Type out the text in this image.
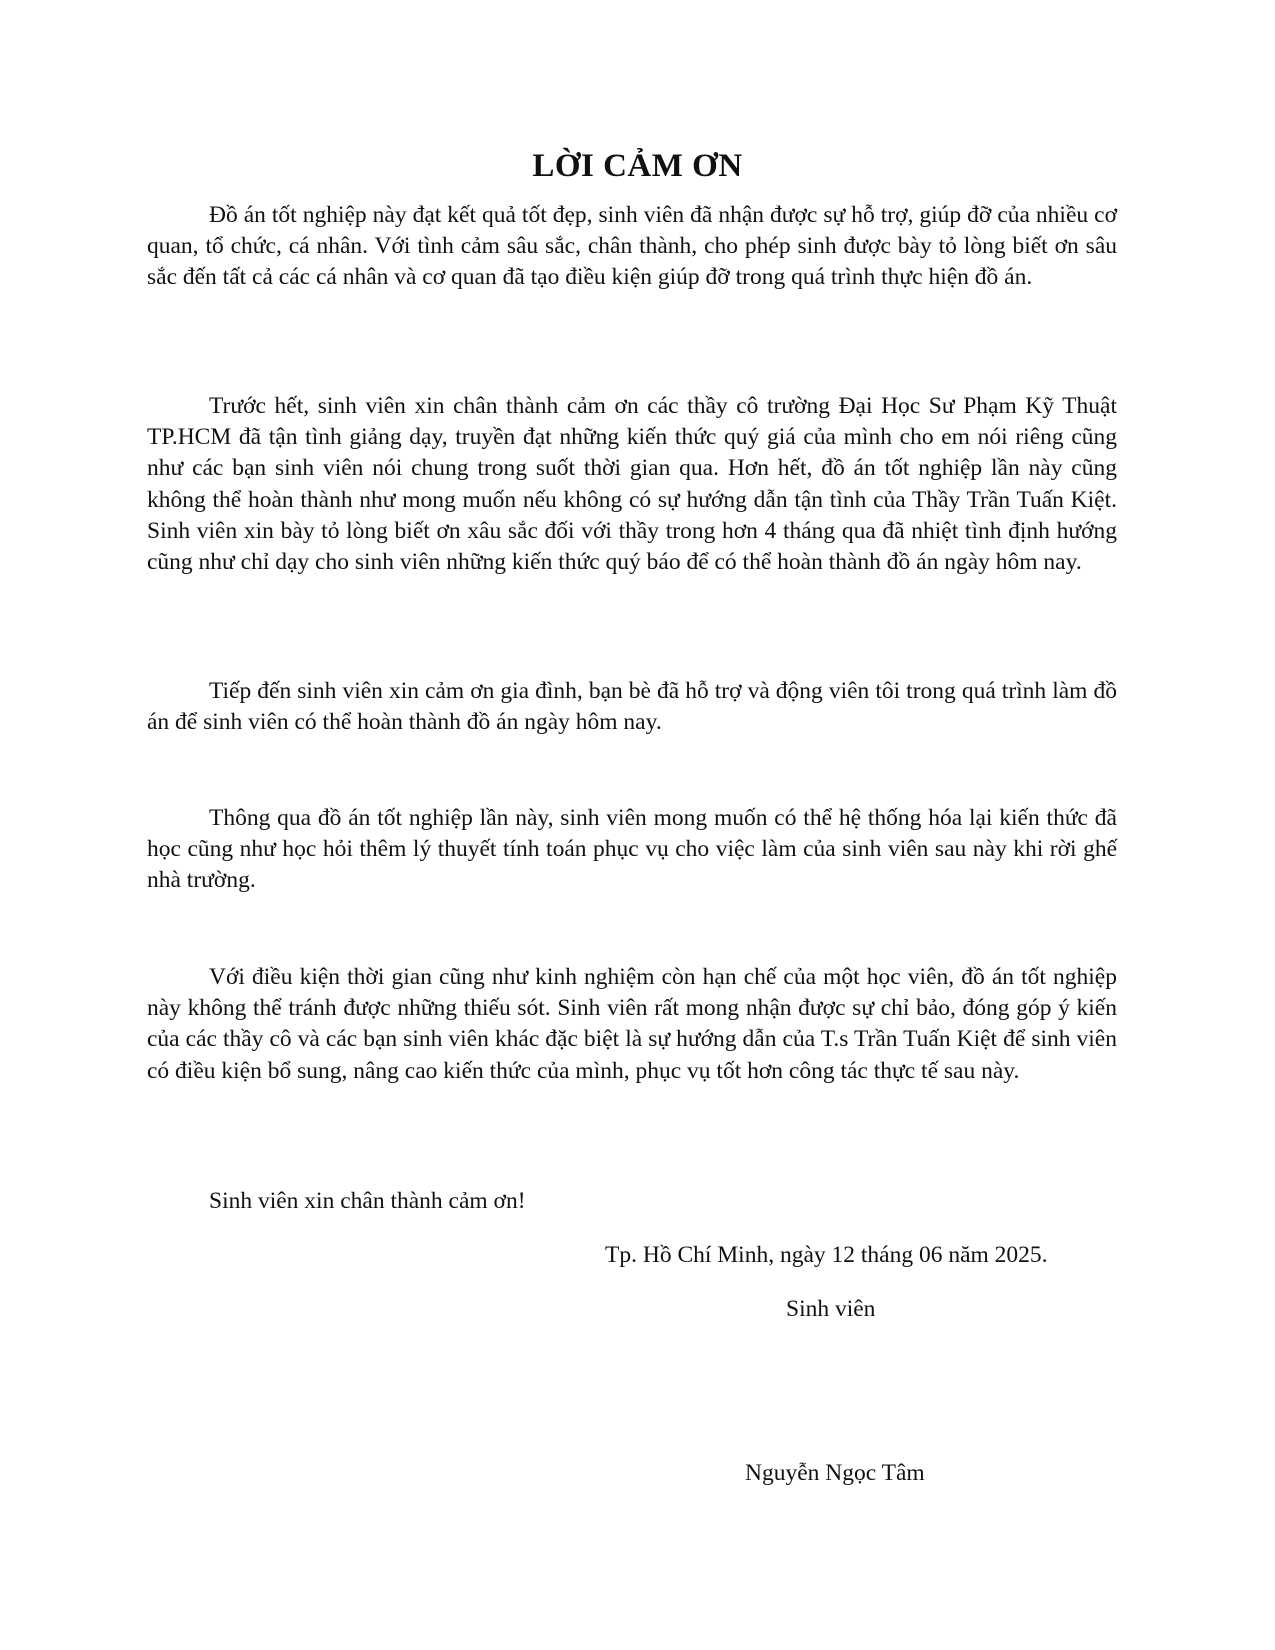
LỜI CẢM ƠN

Đồ án tốt nghiệp này đạt kết quả tốt đẹp, sinh viên đã nhận được sự hỗ trợ, giúp đỡ của nhiều cơ quan, tổ chức, cá nhân. Với tình cảm sâu sắc, chân thành, cho phép sinh được bày tỏ lòng biết ơn sâu sắc đến tất cả các cá nhân và cơ quan đã tạo điều kiện giúp đỡ trong quá trình thực hiện đồ án.

Trước hết, sinh viên xin chân thành cảm ơn các thầy cô trường Đại Học Sư Phạm Kỹ Thuật TP.HCM đã tận tình giảng dạy, truyền đạt những kiến thức quý giá của mình cho em nói riêng cũng như các bạn sinh viên nói chung trong suốt thời gian qua. Hơn hết, đồ án tốt nghiệp lần này cũng không thể hoàn thành như mong muốn nếu không có sự hướng dẫn tận tình của Thầy Trần Tuấn Kiệt. Sinh viên xin bày tỏ lòng biết ơn xâu sắc đối với thầy trong hơn 4 tháng qua đã nhiệt tình định hướng cũng như chỉ dạy cho sinh viên những kiến thức quý báo để có thể hoàn thành đồ án ngày hôm nay.

Tiếp đến sinh viên xin cảm ơn gia đình, bạn bè đã hỗ trợ và động viên tôi trong quá trình làm đồ án để sinh viên có thể hoàn thành đồ án ngày hôm nay.

Thông qua đồ án tốt nghiệp lần này, sinh viên mong muốn có thể hệ thống hóa lại kiến thức đã học cũng như học hỏi thêm lý thuyết tính toán phục vụ cho việc làm của sinh viên sau này khi rời ghế nhà trường.

Với điều kiện thời gian cũng như kinh nghiệm còn hạn chế của một học viên, đồ án tốt nghiệp này không thể tránh được những thiếu sót. Sinh viên rất mong nhận được sự chỉ bảo, đóng góp ý kiến của các thầy cô và các bạn sinh viên khác đặc biệt là sự hướng dẫn của T.s Trần Tuấn Kiệt để sinh viên có điều kiện bổ sung, nâng cao kiến thức của mình, phục vụ tốt hơn công tác thực tế sau này.

Sinh viên xin chân thành cảm ơn!

Tp. Hồ Chí Minh, ngày 12 tháng 06 năm 2025.

Sinh viên

Nguyễn Ngọc Tâm
